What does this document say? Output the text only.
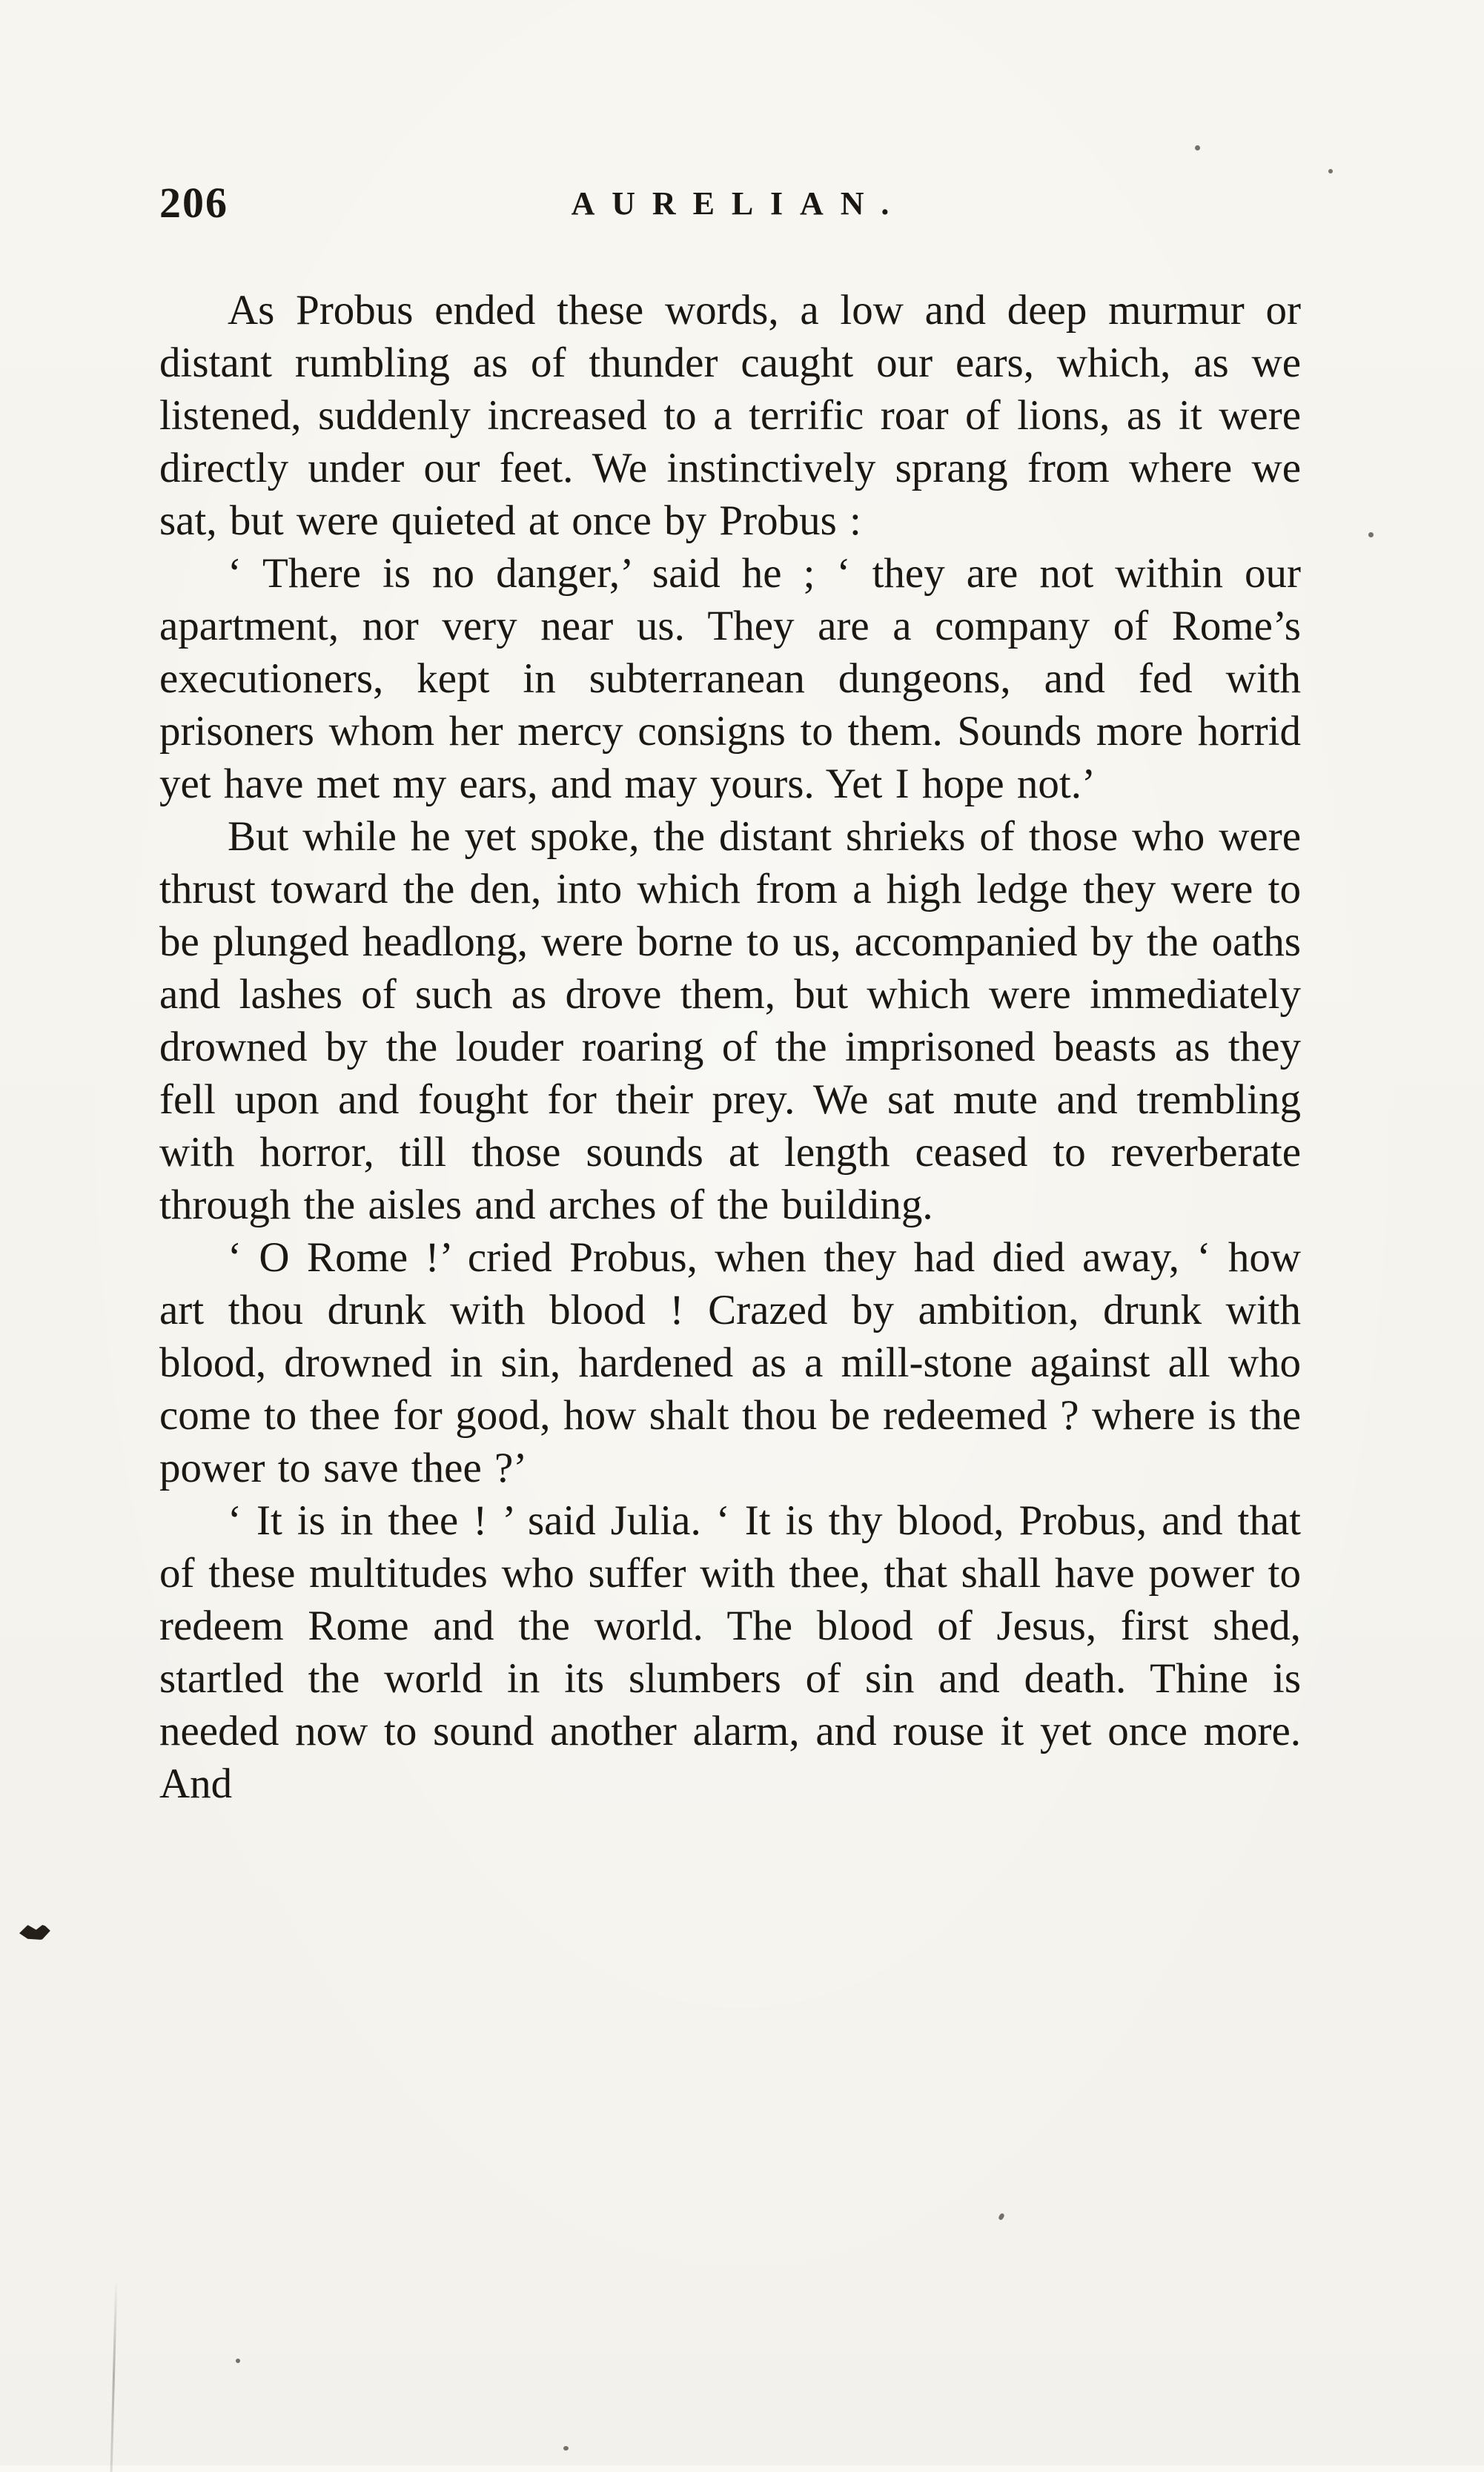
206	AURELIAN.

As Probus ended these words, a low and deep murmur or distant rumbling as of thunder caught our ears, which, as we listened, suddenly increased to a terrific roar of lions, as it were directly under our feet. We instinctively sprang from where we sat, but were quieted at once by Probus :

‘ There is no danger,’ said he ; ‘ they are not within our apartment, nor very near us. They are a company of Rome’s executioners, kept in subterranean dungeons, and fed with prisoners whom her mercy consigns to them. Sounds more horrid yet have met my ears, and may yours. Yet I hope not.’

But while he yet spoke, the distant shrieks of those who were thrust toward the den, into which from a high ledge they were to be plunged headlong, were borne to us, accompanied by the oaths and lashes of such as drove them, but which were immediately drowned by the louder roaring of the imprisoned beasts as they fell upon and fought for their prey. We sat mute and trembling with horror, till those sounds at length ceased to reverberate through the aisles and arches of the building.

‘ O Rome !’ cried Probus, when they had died away, ‘ how art thou drunk with blood ! Crazed by ambition, drunk with blood, drowned in sin, hardened as a mill-stone against all who come to thee for good, how shalt thou be redeemed ? where is the power to save thee ?’

‘ It is in thee ! ’ said Julia. ‘ It is thy blood, Probus, and that of these multitudes who suffer with thee, that shall have power to redeem Rome and the world. The blood of Jesus, first shed, startled the world in its slumbers of sin and death. Thine is needed now to sound another alarm, and rouse it yet once more. And
